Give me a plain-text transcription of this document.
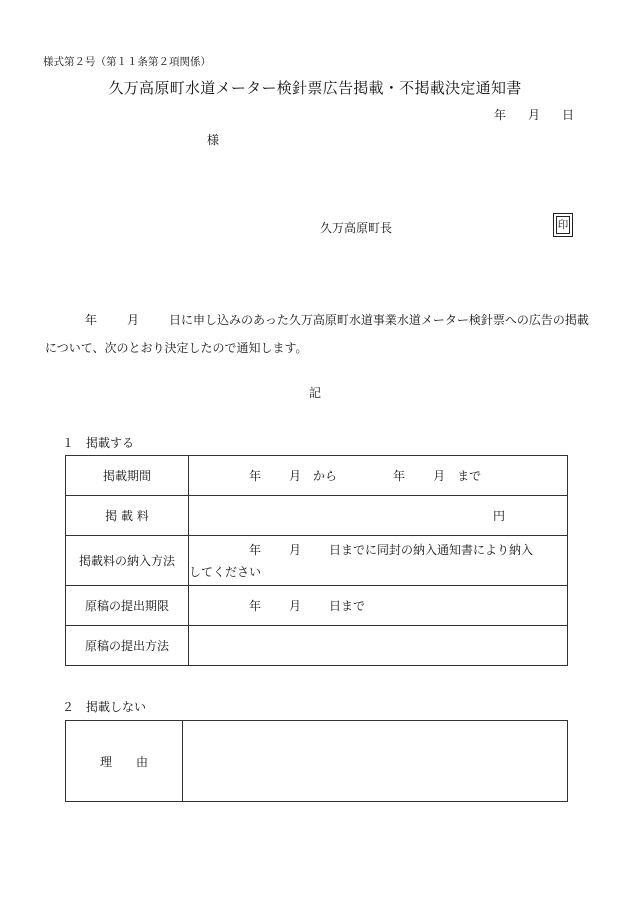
様式第２号（第１１条第２項関係）
久万高原町水道メーター検針票広告掲載・不掲載決定通知書
年 月 日
様
久万高原町長	印
年	月	日に申し込みのあった久万高原町水道事業水道メーター検針票への広告の掲載について、次のとおり決定したので通知します。
記
１ 掲載する
掲載期間	年 月 から 年 月 まで
掲 載 料	円
掲載料の納入方法	年 月 日までに同封の納入通知書により納入
してください

原稿の提出期限	年 月 日まで
原稿の提出方法	
２ 掲載しない
理　　由	
